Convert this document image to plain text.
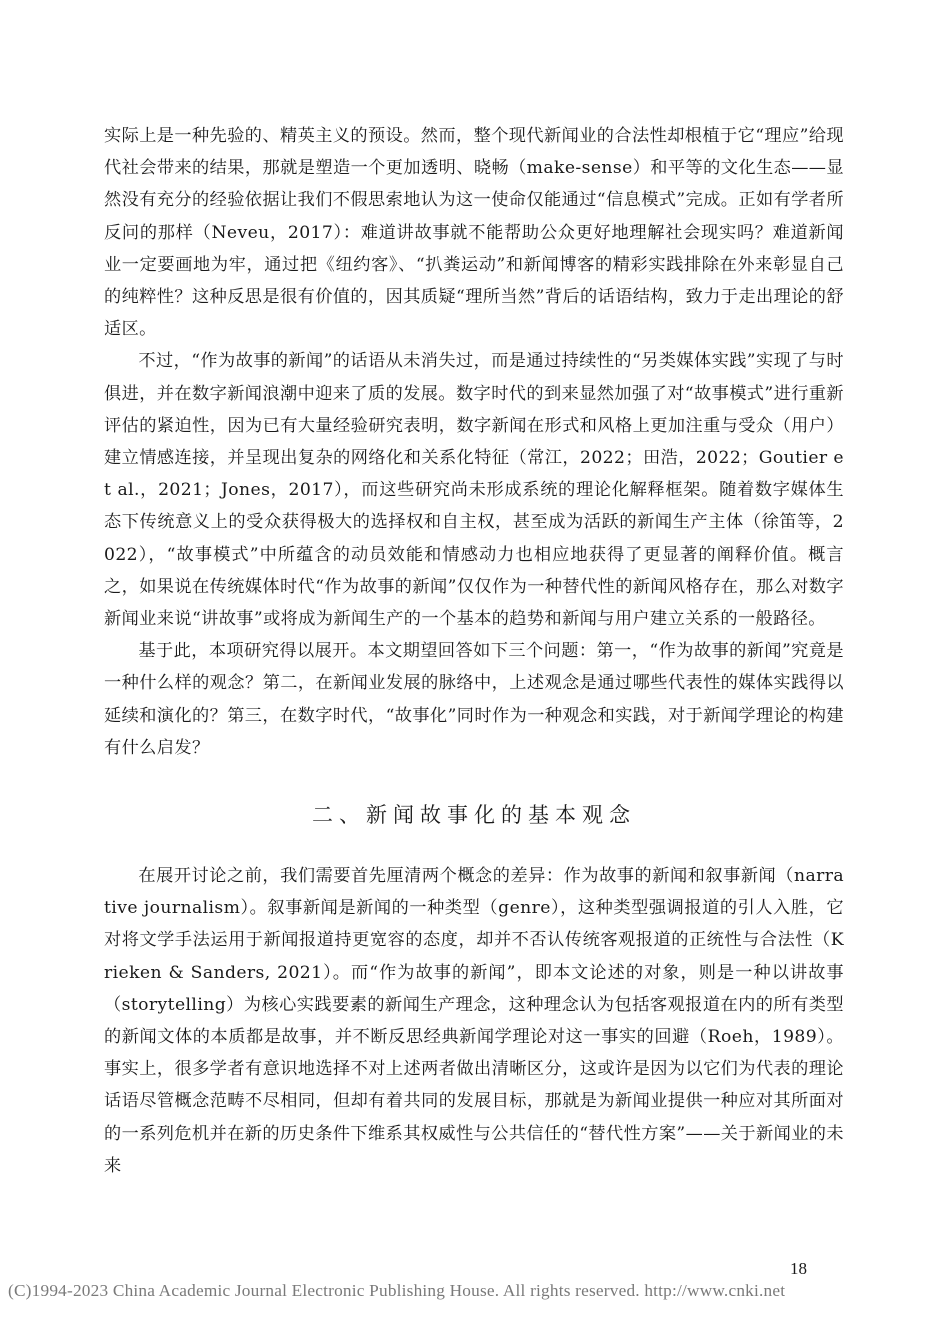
实际上是一种先验的、精英主义的预设。然而，整个现代新闻业的合法性却根植于它“理应”给现代社会带来的结果，那就是塑造一个更加透明、晓畅（make-sense）和平等的文化生态——显然没有充分的经验依据让我们不假思索地认为这一使命仅能通过“信息模式”完成。正如有学者所反问的那样（Neveu，2017）：难道讲故事就不能帮助公众更好地理解社会现实吗？难道新闻业一定要画地为牢，通过把《纽约客》、“扒粪运动”和新闻博客的精彩实践排除在外来彰显自己的纯粹性？这种反思是很有价值的，因其质疑“理所当然”背后的话语结构，致力于走出理论的舒适区。

不过，“作为故事的新闻”的话语从未消失过，而是通过持续性的“另类媒体实践”实现了与时俱进，并在数字新闻浪潮中迎来了质的发展。数字时代的到来显然加强了对“故事模式”进行重新评估的紧迫性，因为已有大量经验研究表明，数字新闻在形式和风格上更加注重与受众（用户）建立情感连接，并呈现出复杂的网络化和关系化特征（常江，2022；田浩，2022；Goutier et al.，2021；Jones，2017），而这些研究尚未形成系统的理论化解释框架。随着数字媒体生态下传统意义上的受众获得极大的选择权和自主权，甚至成为活跃的新闻生产主体（徐笛等，2022），“故事模式”中所蕴含的动员效能和情感动力也相应地获得了更显著的阐释价值。概言之，如果说在传统媒体时代“作为故事的新闻”仅仅作为一种替代性的新闻风格存在，那么对数字新闻业来说“讲故事”或将成为新闻生产的一个基本的趋势和新闻与用户建立关系的一般路径。

基于此，本项研究得以展开。本文期望回答如下三个问题：第一，“作为故事的新闻”究竟是一种什么样的观念？第二，在新闻业发展的脉络中，上述观念是通过哪些代表性的媒体实践得以延续和演化的？第三，在数字时代，“故事化”同时作为一种观念和实践，对于新闻学理论的构建有什么启发？

二、新闻故事化的基本观念

在展开讨论之前，我们需要首先厘清两个概念的差异：作为故事的新闻和叙事新闻（narrative journalism）。叙事新闻是新闻的一种类型（genre），这种类型强调报道的引人入胜，它对将文学手法运用于新闻报道持更宽容的态度，却并不否认传统客观报道的正统性与合法性（Krieken & Sanders, 2021）。而“作为故事的新闻”，即本文论述的对象，则是一种以讲故事（storytelling）为核心实践要素的新闻生产理念，这种理念认为包括客观报道在内的所有类型的新闻文体的本质都是故事，并不断反思经典新闻学理论对这一事实的回避（Roeh，1989）。事实上，很多学者有意识地选择不对上述两者做出清晰区分，这或许是因为以它们为代表的理论话语尽管概念范畴不尽相同，但却有着共同的发展目标，那就是为新闻业提供一种应对其所面对的一系列危机并在新的历史条件下维系其权威性与公共信任的“替代性方案”——关于新闻业的未来

18
(C)1994-2023 China Academic Journal Electronic Publishing House. All rights reserved. http://www.cnki.net
